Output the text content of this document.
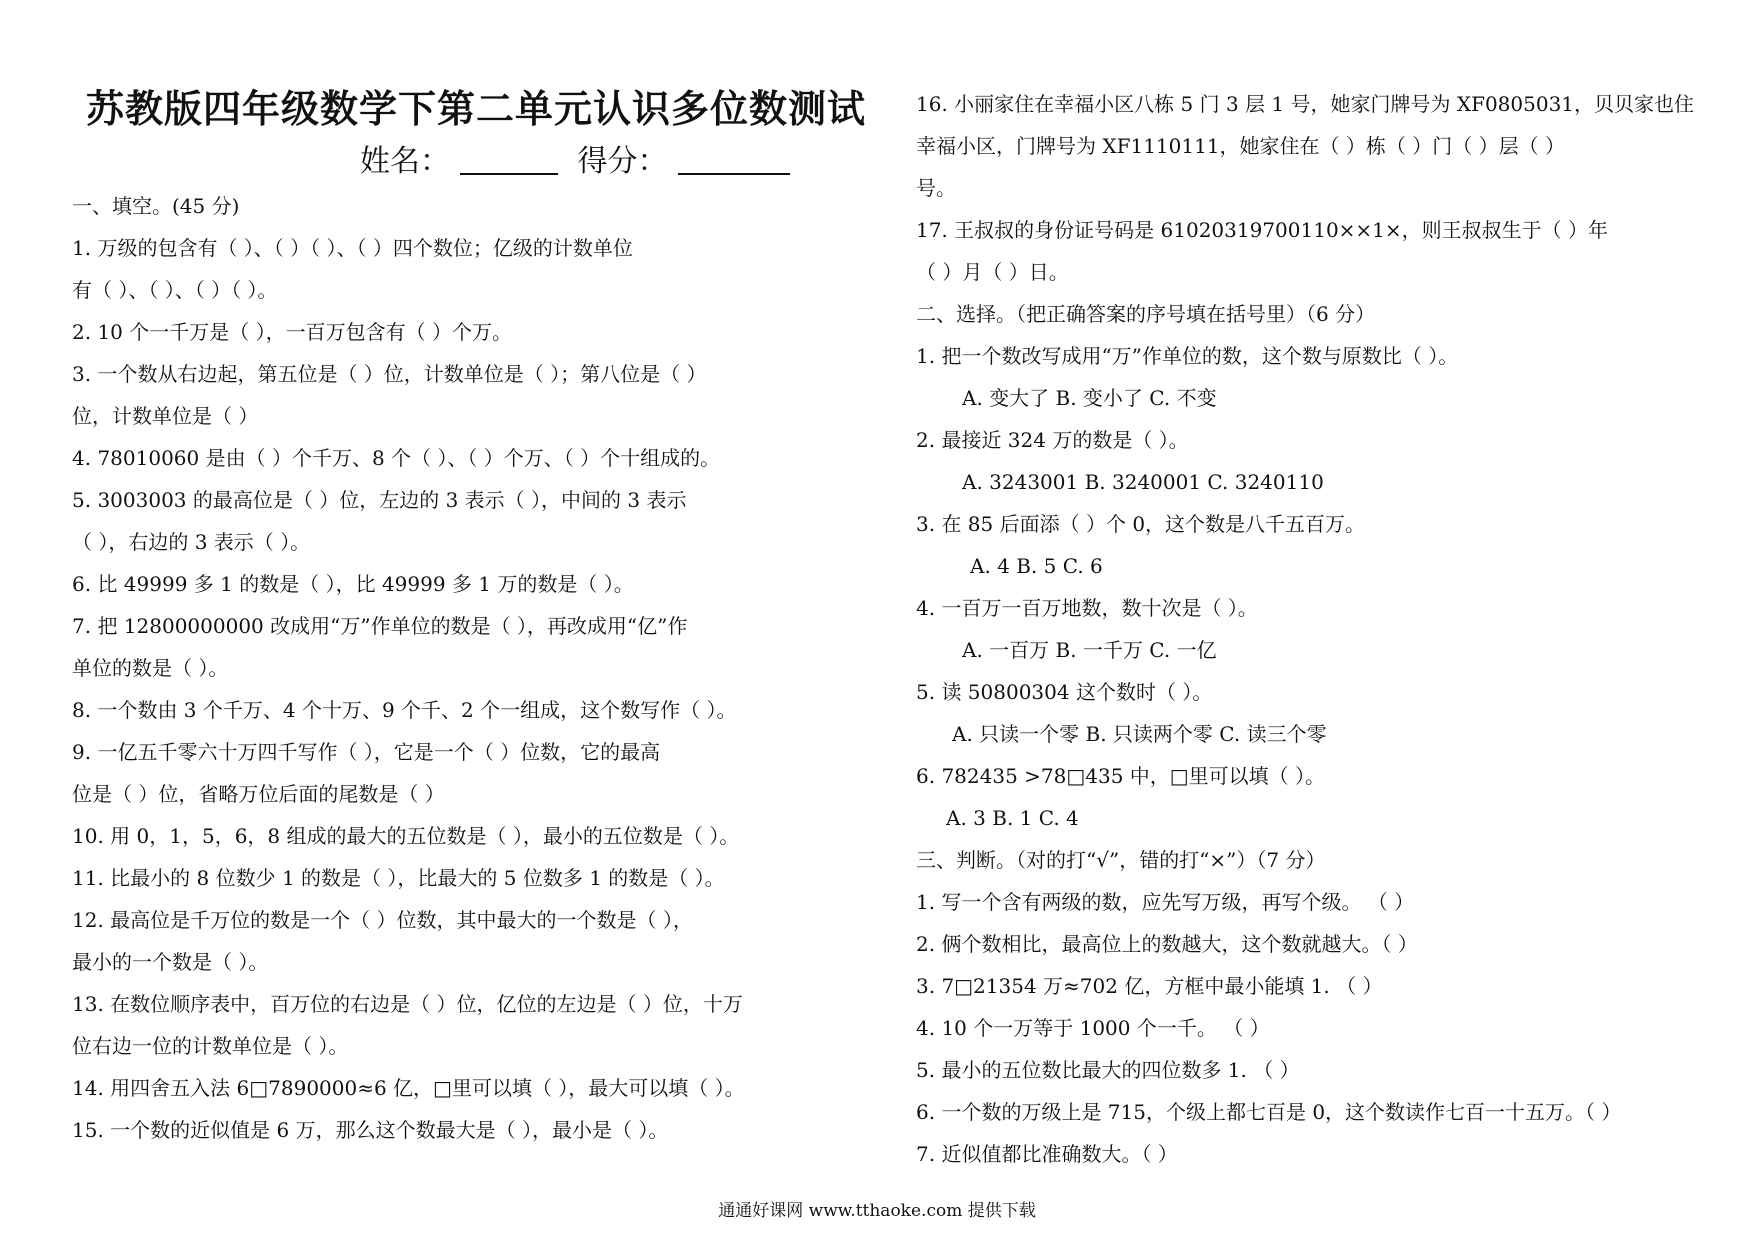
苏教版四年级数学下第二单元认识多位数测试
姓名：	得分：
一、填空。(45 分)
1. 万级的包含有（ ）、（ ）（ ）、（ ）四个数位；亿级的计数单位
有（ ）、（ ）、（ ）（ ）。
2. 10 个一千万是（ ），一百万包含有（ ）个万。
3. 一个数从右边起，第五位是（ ）位，计数单位是（ ）；第八位是（ ）
位，计数单位是（ ）
4. 78010060 是由（ ）个千万、8 个（ ）、（ ）个万、（ ）个十组成的。
5. 3003003 的最高位是（ ）位，左边的 3 表示（ ），中间的 3 表示
（ ），右边的 3 表示（ ）。
6. 比 49999 多 1 的数是（ ），比 49999 多 1 万的数是（ ）。
7. 把 12800000000 改成用“万”作单位的数是（ ），再改成用“亿”作
单位的数是（ ）。
8. 一个数由 3 个千万、4 个十万、9 个千、2 个一组成，这个数写作（ ）。
9. 一亿五千零六十万四千写作（ ），它是一个（ ）位数，它的最高
位是（ ）位，省略万位后面的尾数是（ ）
10. 用 0，1，5，6，8 组成的最大的五位数是（ ），最小的五位数是（ ）。
11. 比最小的 8 位数少 1 的数是（ ），比最大的 5 位数多 1 的数是（ ）。
12. 最高位是千万位的数是一个（ ）位数，其中最大的一个数是（ ），
最小的一个数是（ ）。
13. 在数位顺序表中，百万位的右边是（ ）位，亿位的左边是（ ）位，十万
位右边一位的计数单位是（ ）。
14. 用四舍五入法 6□7890000≈6 亿，□里可以填（ ），最大可以填（ ）。
15. 一个数的近似值是 6 万，那么这个数最大是（ ），最小是（ ）。
16. 小丽家住在幸福小区八栋 5 门 3 层 1 号，她家门牌号为 XF0805031，贝贝家也住
幸福小区，门牌号为 XF1110111，她家住在（ ）栋（ ）门（ ）层（ ）
号。
17. 王叔叔的身份证号码是 61020319700110××1×，则王叔叔生于（ ）年
（ ）月（ ）日。
二、选择。（把正确答案的序号填在括号里）（6 分）
1. 把一个数改写成用“万”作单位的数，这个数与原数比（ ）。
A. 变大了 B. 变小了 C. 不变
2. 最接近 324 万的数是（ ）。
A. 3243001 B. 3240001 C. 3240110
3. 在 85 后面添（ ）个 0，这个数是八千五百万。
A. 4 B. 5 C. 6
4. 一百万一百万地数，数十次是（ ）。
A. 一百万 B. 一千万 C. 一亿
5. 读 50800304 这个数时（ ）。
A. 只读一个零 B. 只读两个零 C. 读三个零
6. 782435 >78□435 中，□里可以填（ ）。
A. 3 B. 1 C. 4
三、判断。（对的打“√”，错的打“×”）（7 分）
1. 写一个含有两级的数，应先写万级，再写个级。 （ ）
2. 俩个数相比，最高位上的数越大，这个数就越大。（ ）
3. 7□21354 万≈702 亿，方框中最小能填 1. （ ）
4. 10 个一万等于 1000 个一千。 （ ）
5. 最小的五位数比最大的四位数多 1. （ ）
6. 一个数的万级上是 715，个级上都七百是 0，这个数读作七百一十五万。（ ）
7. 近似值都比准确数大。（ ）
通通好课网 www.tthaoke.com 提供下载
